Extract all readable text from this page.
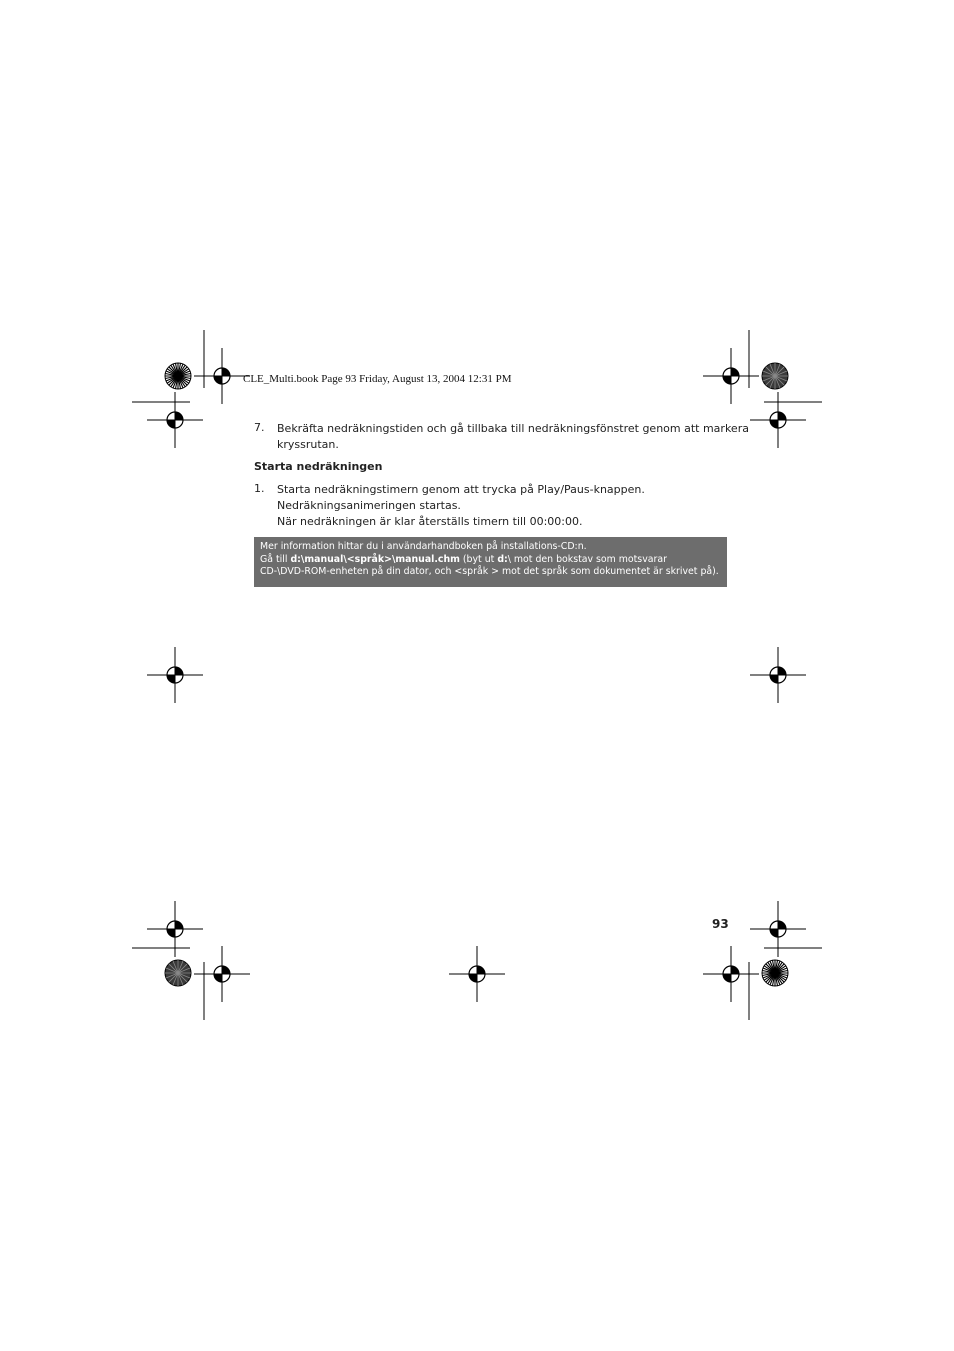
CLE_Multi.book Page 93 Friday, August 13, 2004 12:31 PM
7. Bekräfta nedräkningstiden och gå tillbaka till nedräkningsfönstret genom att markera
kryssrutan.
Starta nedräkningen
1. Starta nedräkningstimern genom att trycka på Play/Paus-knappen.
Nedräkningsanimeringen startas.
När nedräkningen är klar återställs timern till 00:00:00.
Mer information hittar du i användarhandboken på installations-CD:n.
Gå till d:\manual\<språk>\manual.chm (byt ut d:\ mot den bokstav som motsvarar
CD-\DVD-ROM-enheten på din dator, och <språk > mot det språk som dokumentet är skrivet på).
93
